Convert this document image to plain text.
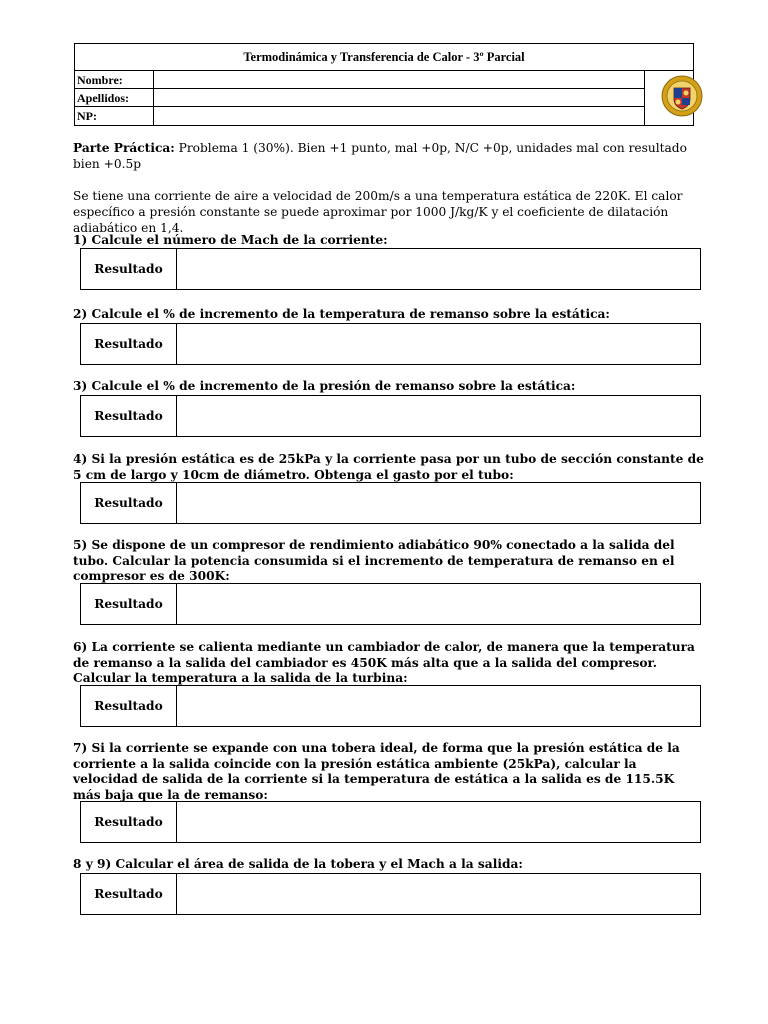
Termodinámica y Transferencia de Calor - 3º Parcial
Nombre:
Apellidos:
NP:
Parte Práctica: Problema 1 (30%). Bien +1 punto, mal +0p, N/C +0p, unidades mal con resultado bien +0.5p
Se tiene una corriente de aire a velocidad de 200m/s a una temperatura estática de 220K. El calor específico a presión constante se puede aproximar por 1000 J/kg/K y el coeficiente de dilatación adiabático en 1,4.
1) Calcule el número de Mach de la corriente:
Resultado
2) Calcule el % de incremento de la temperatura de remanso sobre la estática:
Resultado
3) Calcule el % de incremento de la presión de remanso sobre la estática:
Resultado
4) Si la presión estática es de 25kPa y la corriente pasa por un tubo de sección constante de 5 cm de largo y 10cm de diámetro. Obtenga el gasto por el tubo:
Resultado
5) Se dispone de un compresor de rendimiento adiabático 90% conectado a la salida del tubo. Calcular la potencia consumida si el incremento de temperatura de remanso en el compresor es de 300K:
Resultado
6) La corriente se calienta mediante un cambiador de calor, de manera que la temperatura de remanso a la salida del cambiador es 450K más alta que a la salida del compresor. Calcular la temperatura a la salida de la turbina:
Resultado
7) Si la corriente se expande con una tobera ideal, de forma que la presión estática de la corriente a la salida coincide con la presión estática ambiente (25kPa), calcular la velocidad de salida de la corriente si la temperatura de estática a la salida es de 115.5K más baja que la de remanso:
Resultado
8 y 9) Calcular el área de salida de la tobera y el Mach a la salida:
Resultado
